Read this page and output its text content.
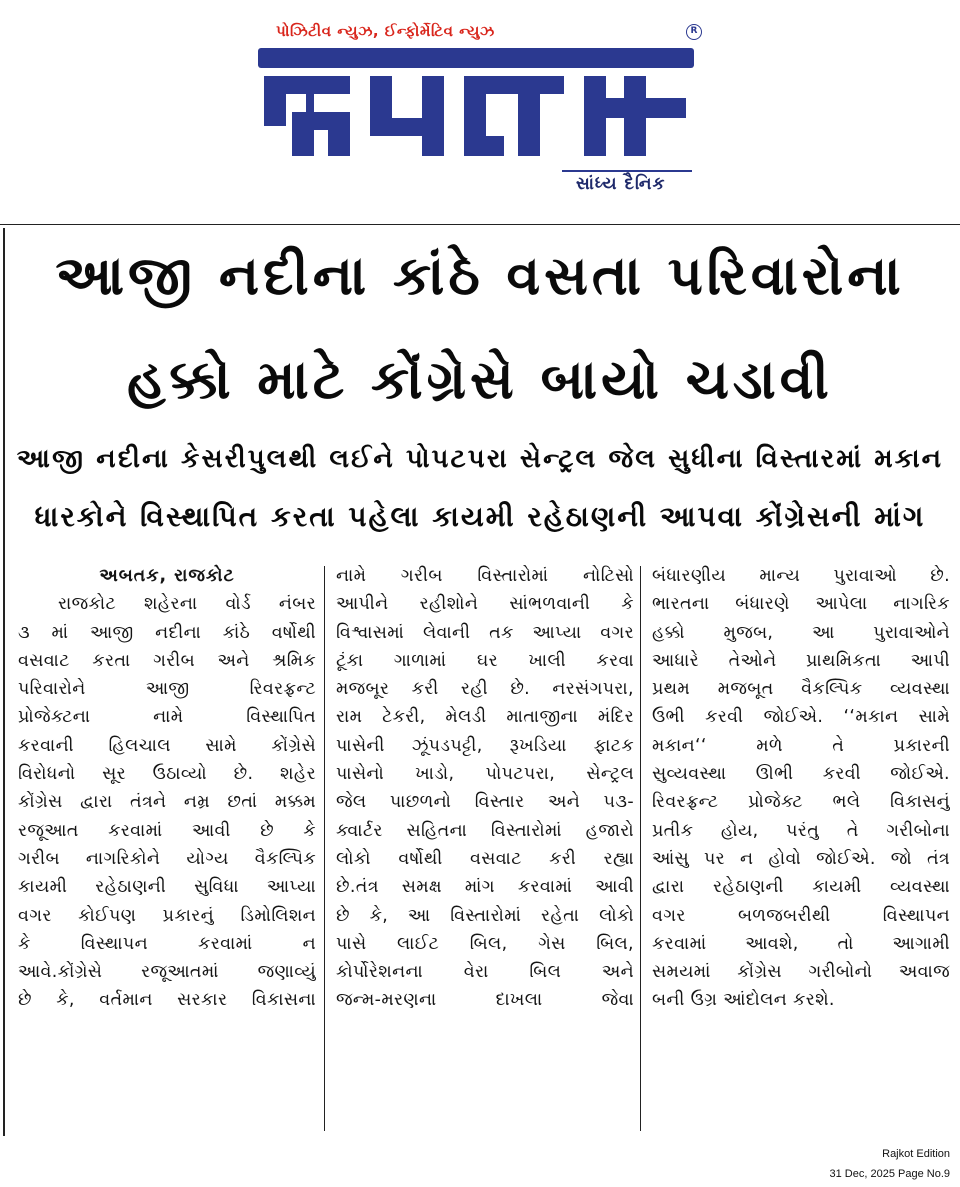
પોઝિટીવ ન્યુઝ, ઈન્ફોર્મેટિવ ન્યુઝ	R
સાંધ્ય દૈનિક
આજી નદીના કાંઠે વસતા પરિવારોના
હક્કો માટે કોંગ્રેસે બાયો ચડાવી
આજી નદીના કેસરીપુલથી લઈને પોપટપરા સેન્ટ્રલ જેલ સુધીના વિસ્તારમાં મકાન
ધારકોને વિસ્થાપિત કરતા પહેલા કાયમી રહેઠાણની આપવા કોંગ્રેસની માંગ
અબતક, રાજકોટ
રાજકોટ શહેરના વોર્ડ નંબર
૩ માં આજી નદીના કાંઠે વર્ષોથી
વસવાટ કરતા ગરીબ અને શ્રમિક
પરિવારોને આજી રિવરફ્રન્ટ
પ્રોજેક્ટના નામે વિસ્થાપિત
કરવાની હિલચાલ સામે કોંગ્રેસે
વિરોધનો સૂર ઉઠાવ્યો છે. શહેર
કોંગ્રેસ દ્વારા તંત્રને નમ્ર છતાં મક્કમ
રજૂઆત કરવામાં આવી છે કે
ગરીબ નાગરિકોને યોગ્ય વૈકલ્પિક
કાયમી રહેઠાણની સુવિધા આપ્યા
વગર કોઈપણ પ્રકારનું ડિમોલિશન
કે વિસ્થાપન કરવામાં ન
આવે.કોંગ્રેસે રજૂઆતમાં જણાવ્યું
છે કે, વર્તમાન સરકાર વિકાસના
નામે ગરીબ વિસ્તારોમાં નોટિસો
આપીને રહીશોને સાંભળવાની કે
વિશ્વાસમાં લેવાની તક આપ્યા વગર
ટૂંકા ગાળામાં ઘર ખાલી કરવા
મજબૂર કરી રહી છે. નરસંગપરા,
રામ ટેકરી, મેલડી માતાજીના મંદિર
પાસેની ઝૂંપડપટ્ટી, રૂખડિયા ફાટક
પાસેનો ખાડો, પોપટપરા, સેન્ટ્રલ
જેલ પાછળનો વિસ્તાર અને ૫૩-
ક્વાર્ટર સહિતના વિસ્તારોમાં હજારો
લોકો વર્ષોથી વસવાટ કરી રહ્યા
છે.તંત્ર સમક્ષ માંગ કરવામાં આવી
છે કે, આ વિસ્તારોમાં રહેતા લોકો
પાસે લાઈટ બિલ, ગેસ બિલ,
કોર્પોરેશનના વેરા બિલ અને
જન્મ-મરણના દાખલા જેવા
બંધારણીય માન્ય પુરાવાઓ છે.
ભારતના બંધારણે આપેલા નાગરિક
હક્કો મુજબ, આ પુરાવાઓને
આધારે તેઓને પ્રાથમિકતા આપી
પ્રથમ મજબૂત વૈકલ્પિક વ્યવસ્થા
ઉભી કરવી જોઈએ. ‘‘મકાન સામે
મકાન‘‘ મળે તે પ્રકારની
સુવ્યવસ્થા ઊભી કરવી જોઈએ.
રિવરફ્રન્ટ પ્રોજેક્ટ ભલે વિકાસનું
પ્રતીક હોય, પરંતુ તે ગરીબોના
આંસુ પર ન હોવો જોઈએ. જો તંત્ર
દ્વારા રહેઠાણની કાયમી વ્યવસ્થા
વગર બળજબરીથી વિસ્થાપન
કરવામાં આવશે, તો આગામી
સમયમાં કોંગ્રેસ ગરીબોનો અવાજ
બની ઉગ્ર આંદોલન કરશે.
Rajkot Edition
31 Dec, 2025 Page No.9
